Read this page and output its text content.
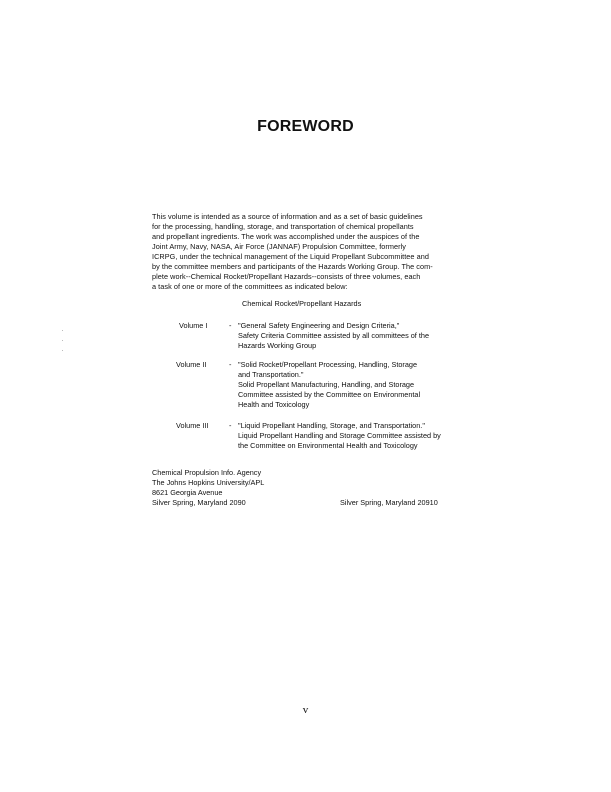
FOREWORD
This volume is intended as a source of information and as a set of basic guidelines
for the processing, handling, storage, and transportation of chemical propellants
and propellant ingredients. The work was accomplished under the auspices of the
Joint Army, Navy, NASA, Air Force (JANNAF) Propulsion Committee, formerly
ICRPG, under the technical management of the Liquid Propellant Subcommittee and
by the committee members and participants of the Hazards Working Group. The com-
plete work--Chemical Rocket/Propellant Hazards--consists of three volumes, each
a task of one or more of the committees as indicated below:
Chemical Rocket/Propellant Hazards
Volume I	- "General Safety Engineering and Design Criteria,"
Safety Criteria Committee assisted by all committees of the
Hazards Working Group
Volume II	- "Solid Rocket/Propellant Processing, Handling, Storage
and Transportation."
Solid Propellant Manufacturing, Handling, and Storage
Committee assisted by the Committee on Environmental
Health and Toxicology
Volume III	- "Liquid Propellant Handling, Storage, and Transportation."
Liquid Propellant Handling and Storage Committee assisted by
the Committee on Environmental Health and Toxicology
Chemical Propulsion Info. Agency
The Johns Hopkins University/APL
8621 Georgia Avenue
Silver Spring, Maryland 2090	Silver Spring, Maryland 20910
v
